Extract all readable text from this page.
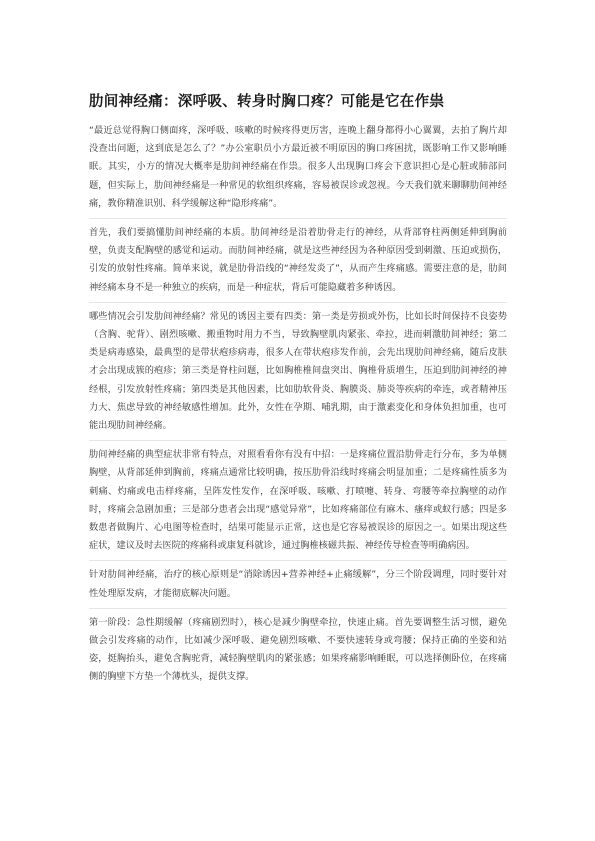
肋间神经痛：深呼吸、转身时胸口疼？可能是它在作祟

“最近总觉得胸口侧面疼，深呼吸、咳嗽的时候疼得更厉害，连晚上翻身都得小心翼翼，去拍了胸片却没查出问题，这到底是怎么了？”办公室职员小方最近被不明原因的胸口疼困扰，既影响工作又影响睡眠。其实，小方的情况大概率是肋间神经痛在作祟。很多人出现胸口疼会下意识担心是心脏或肺部问题，但实际上，肋间神经痛是一种常见的软组织疼痛，容易被误诊或忽视。今天我们就来聊聊肋间神经痛，教你精准识别、科学缓解这种“隐形疼痛”。

首先，我们要搞懂肋间神经痛的本质。肋间神经是沿着肋骨走行的神经，从背部脊柱两侧延伸到胸前壁，负责支配胸壁的感觉和运动。而肋间神经痛，就是这些神经因为各种原因受到刺激、压迫或损伤，引发的放射性疼痛。简单来说，就是肋骨沿线的“神经发炎了”，从而产生疼痛感。需要注意的是，肋间神经痛本身不是一种独立的疾病，而是一种症状，背后可能隐藏着多种诱因。

哪些情况会引发肋间神经痛？常见的诱因主要有四类：第一类是劳损或外伤，比如长时间保持不良姿势（含胸、驼背）、剧烈咳嗽、搬重物时用力不当，导致胸壁肌肉紧张、牵拉，进而刺激肋间神经；第二类是病毒感染，最典型的是带状疱疹病毒，很多人在带状疱疹发作前，会先出现肋间神经痛，随后皮肤才会出现成簇的疱疹；第三类是脊柱问题，比如胸椎椎间盘突出、胸椎骨质增生，压迫到肋间神经的神经根，引发放射性疼痛；第四类是其他因素，比如肋软骨炎、胸膜炎、肺炎等疾病的牵连，或者精神压力大、焦虑导致的神经敏感性增加。此外，女性在孕期、哺乳期，由于激素变化和身体负担加重，也可能出现肋间神经痛。

肋间神经痛的典型症状非常有特点，对照看看你有没有中招：一是疼痛位置沿肋骨走行分布，多为单侧胸壁，从背部延伸到胸前，疼痛点通常比较明确，按压肋骨沿线时疼痛会明显加重；二是疼痛性质多为刺痛、灼痛或电击样疼痛，呈阵发性发作，在深呼吸、咳嗽、打喷嚏、转身、弯腰等牵拉胸壁的动作时，疼痛会急剧加重；三是部分患者会出现“感觉异常”，比如疼痛部位有麻木、瘙痒或蚁行感；四是多数患者做胸片、心电图等检查时，结果可能显示正常，这也是它容易被误诊的原因之一。如果出现这些症状，建议及时去医院的疼痛科或康复科就诊，通过胸椎核磁共振、神经传导检查等明确病因。

针对肋间神经痛，治疗的核心原则是“消除诱因+营养神经+止痛缓解”，分三个阶段调理，同时要针对性处理原发病，才能彻底解决问题。

第一阶段：急性期缓解（疼痛剧烈时），核心是减少胸壁牵拉，快速止痛。首先要调整生活习惯，避免做会引发疼痛的动作，比如减少深呼吸、避免剧烈咳嗽、不要快速转身或弯腰；保持正确的坐姿和站姿，挺胸抬头，避免含胸驼背，减轻胸壁肌肉的紧张感；如果疼痛影响睡眠，可以选择侧卧位，在疼痛侧的胸壁下方垫一个薄枕头，提供支撑。
